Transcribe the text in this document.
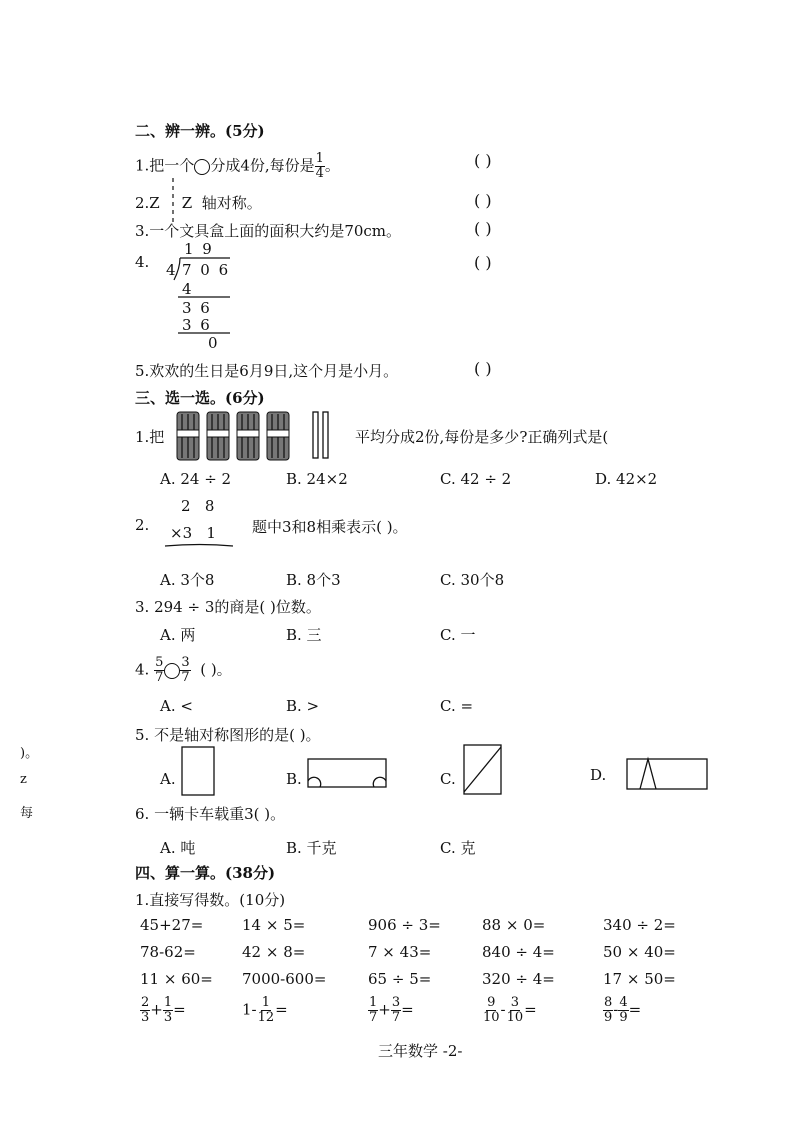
二、辨一辨。(5分)
1.把一个 分成4份,每份是 $\frac{1}{4}$ 。	( )
2.Z Z 轴对称。	( )
3.一个文具盒上面的面积大约是70cm。	( )
4.
1 9
4 7 0 6
4
3 6
3 6
0
( )
5.欢欢的生日是6月9日,这个月是小月。	( )
三、选一选。(6分)
1.把	平均分成2份,每份是多少?正确列式是(
A. 24 ÷ 2	B. 24×2	C. 42 ÷ 2	D. 42×2
2.
2   8
×3   1 题中3和8相乘表示( )。
A. 3个8	B. 8个3	C. 30个8
3. 294 ÷ 3的商是( )位数。
A. 两	B. 三	C. 一
4. $\frac{5}{7} \frac{3}{7}$ ( )。
A. <	B. >	C. =
5. 不是轴对称图形的是( )。
A.	B.	C.	D.
6. 一辆卡车载重3( )。
A. 吨	B. 千克	C. 克
四、算一算。(38分)
1.直接写得数。(10分)
45+27=	14 × 5=	906 ÷ 3=	88 × 0=	340 ÷ 2=
78-62=	42 × 8=	7 × 43=	840 ÷ 4=	50 × 40=
11 × 60= 7000-600=	65 ÷ 5=	320 ÷ 4=	17 × 50=
$\frac{2}{3} + \frac{1}{3}$ =	$1- \frac{1}{12}$ =	$\frac{1}{7} + \frac{3}{7}$ =	$\frac{9}{10} - \frac{3}{10}$ =	$\frac{8}{9} - \frac{4}{9}$ =
)。
z
每
三年数学 -2-
